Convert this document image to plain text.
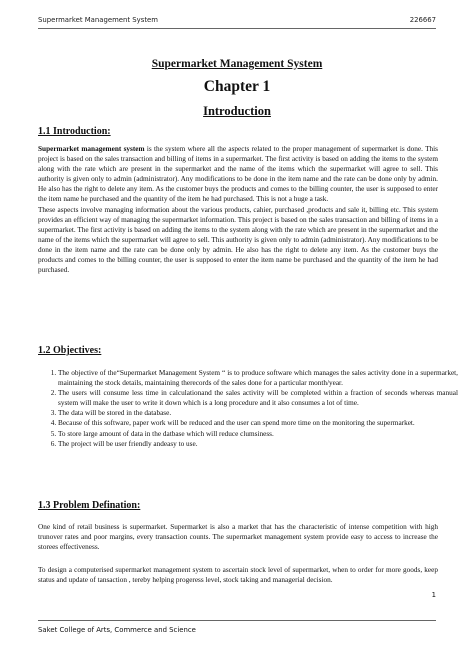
Supermarket Management System	226667
Supermarket Management System
Chapter 1
Introduction
1.1 Introduction:

Supermarket management system is the system where all the aspects related to the proper management of supermarket is done. This project is based on the sales transaction and billing of items in a supermarket. The first activity is based on adding the items to the system along with the rate which are present in the supermarket and the name of the items which the supermarket will agree to sell. This authority is given only to admin (administrator). Any modifications to be done in the item name and the rate can be done only by admin. He also has the right to delete any item. As the customer buys the products and comes to the billing counter, the user is supposed to enter the item name he purchased and the quantity of the item he had purchased. This is not a huge a task.

These aspects involve managing information about the various products, cahier, purchased ,products and sale it, billing etc. This system provides an efficient way of managing the supermarket information. This project is based on the sales transaction and billing of items in a supermarket. The first activity is based on adding the items to the system along with the rate which are present in the supermarket and the name of the items which the supermarket will agree to sell. This authority is given only to admin (administrator). Any modifications to be done in the item name and the rate can be done only by admin. He also has the right to delete any item. As the customer buys the products and comes to the billing counter, the user is supposed to enter the item name be purchased and the quantity of the item he had purchased.

1.2 Objectives:
1. The objective of the“Supermarket Management System “ is to produce software which manages the sales activity done in a supermarket, maintaining the stock details, maintaining therecords of the sales done for a particular month/year.
2. The users will consume less time in calculationand the sales activity will be completed within a fraction of seconds whereas manual system will make the user to write it down which is a long procedure and it also consumes a lot of time.
3. The data will be stored in the database.
4. Because of this software, paper work will be reduced and the user can spend more time on the monitoring the supermarket.
5. To store large amount of data in the datbase which will reduce clumsiness.
6. The project will be user friendly andeasy to use.
1.3 Problem Defination:
One kind of retail business is supermarket. Supermarket is also a market that has the characteristic of intense competition with high trunover rates and poor margins, every transaction counts. The supermarket management system provide easy to access to increase the storees effectiveness.
To design a computerised supermarket management system to ascertain stock level of supermarket, when to order for more goods, keep status and update of tansaction , tereby helping progeress level, stock taking and managerial decision.
1
Saket College of Arts, Commerce and Science
